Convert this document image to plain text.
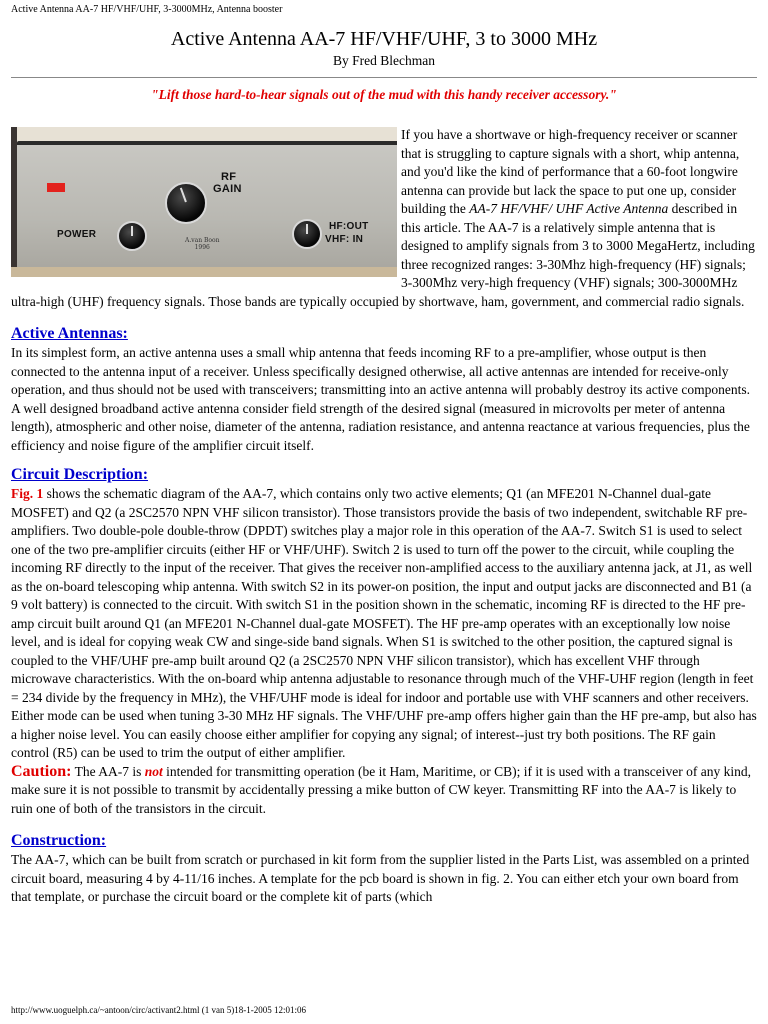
Active Antenna AA-7 HF/VHF/UHF, 3-3000MHz, Antenna booster
Active Antenna AA-7 HF/VHF/UHF, 3 to 3000 MHz
By Fred Blechman
"Lift those hard-to-hear signals out of the mud with this handy receiver accessory."
RF
GAIN
POWER
HF:OUT
VHF: IN
A.van Boon
1996

If you have a shortwave or high-frequency receiver or scanner that is struggling to capture signals with a short, whip antenna, and you'd like the kind of performance that a 60-foot longwire antenna can provide but lack the space to put one up, consider building the AA-7 HF/VHF/ UHF Active Antenna described in this article. The AA-7 is a relatively simple antenna that is designed to amplify signals from 3 to 3000 MegaHertz, including three recognized ranges: 3-30Mhz high-frequency (HF) signals; 3-300Mhz very-high frequency (VHF) signals; 300-3000MHz ultra-high (UHF) frequency signals. Those bands are typically occupied by shortwave, ham, government, and commercial radio signals.

Active Antennas:

In its simplest form, an active antenna uses a small whip antenna that feeds incoming RF to a pre-amplifier, whose output is then connected to the antenna input of a receiver. Unless specifically designed otherwise, all active antennas are intended for receive-only operation, and thus should not be used with transceivers; transmitting into an active antenna will probably destroy its active components. A well designed broadband active antenna consider field strength of the desired signal (measured in microvolts per meter of antenna length), atmospheric and other noise, diameter of the antenna, radiation resistance, and antenna reactance at various frequencies, plus the efficiency and noise figure of the amplifier circuit itself.

Circuit Description:

Fig. 1 shows the schematic diagram of the AA-7, which contains only two active elements; Q1 (an MFE201 N-Channel dual-gate MOSFET) and Q2 (a 2SC2570 NPN VHF silicon transistor). Those transistors provide the basis of two independent, switchable RF pre-amplifiers. Two double-pole double-throw (DPDT) switches play a major role in this operation of the AA-7. Switch S1 is used to select one of the two pre-amplifier circuits (either HF or VHF/UHF). Switch 2 is used to turn off the power to the circuit, while coupling the incoming RF directly to the input of the receiver. That gives the receiver non-amplified access to the auxiliary antenna jack, at J1, as well as the on-board telescoping whip antenna. With switch S2 in its power-on position, the input and output jacks are disconnected and B1 (a 9 volt battery) is connected to the circuit. With switch S1 in the position shown in the schematic, incoming RF is directed to the HF pre-amp circuit built around Q1 (an MFE201 N-Channel dual-gate MOSFET). The HF pre-amp operates with an exceptionally low noise level, and is ideal for copying weak CW and singe-side band signals. When S1 is switched to the other position, the captured signal is coupled to the VHF/UHF pre-amp built around Q2 (a 2SC2570 NPN VHF silicon transistor), which has excellent VHF through microwave characteristics. With the on-board whip antenna adjustable to resonance through much of the VHF-UHF region (length in feet = 234 divide by the frequency in MHz), the VHF/UHF mode is ideal for indoor and portable use with VHF scanners and other receivers. Either mode can be used when tuning 3-30 MHz HF signals. The VHF/UHF pre-amp offers higher gain than the HF pre-amp, but also has a higher noise level. You can easily choose either amplifier for copying any signal; of interest--just try both positions. The RF gain control (R5) can be used to trim the output of either amplifier.

Caution: The AA-7 is not intended for transmitting operation (be it Ham, Maritime, or CB); if it is used with a transceiver of any kind, make sure it is not possible to transmit by accidentally pressing a mike button of CW keyer. Transmitting RF into the AA-7 is likely to ruin one of both of the transistors in the circuit.

Construction:

The AA-7, which can be built from scratch or purchased in kit form from the supplier listed in the Parts List, was assembled on a printed circuit board, measuring 4 by 4-11/16 inches. A template for the pcb board is shown in fig. 2. You can either etch your own board from that template, or purchase the circuit board or the complete kit of parts (which

http://www.uoguelph.ca/~antoon/circ/activant2.html (1 van 5)18-1-2005 12:01:06
